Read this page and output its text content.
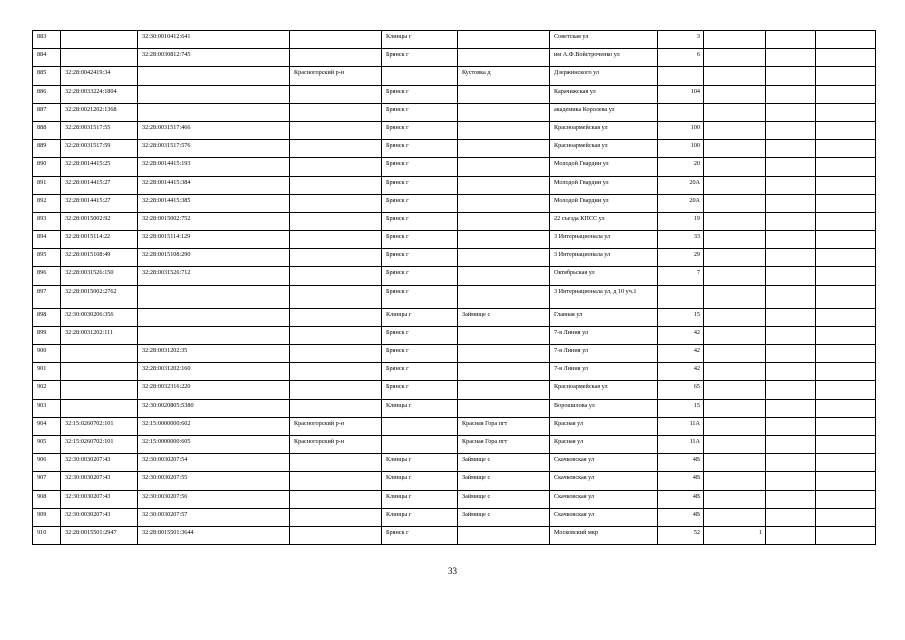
883		32:30:0010412:641		Клинцы г		Советская ул	3			
884		32:28:0030812:745		Брянск г		им А.Ф.Войстроченко ул	6			
885	32:28:0042419:34		Красногорский р-н		Кустовка д	Дзержинского ул				
886	32:28:0033224:1804			Брянск г		Карачижская ул	104			
887	32:28:0021202:1368			Брянск г		академика Королева ул				
888	32:28:0031517:55	32:28:0031517:466		Брянск г		Красноармейская ул	100			
889	32:28:0031517:59	32:28:0031517:576		Брянск г		Красноармейская ул	100			
890	32:28:0014415:25	32:28:0014415:193		Брянск г		Молодой Гвардии ул	20			
891	32:28:0014415:27	32:28:0014415:384		Брянск г		Молодой Гвардии ул	20А			
892	32:28:0014415:27	32:28:0014415:385		Брянск г		Молодой Гвардии ул	20А			
893	32:28:0015002:92	32:28:0015002:752		Брянск г		22 съезда КПСС ул	19			
894	32:28:0015114:22	32:28:0015114:129		Брянск г		3 Интернационала ул	33			
895	32:28:0015108:49	32:28:0015108:290		Брянск г		3 Интернационала ул	29			
896	32:28:0031526:150	32:28:0031526:712		Брянск г		Октябрьская ул	7			
897	32:28:0015002:2762			Брянск г		3 Интернационала ул, д 10 уч.1				
898	32:30:0030206:356			Клинцы г	Займище с	Главная ул	15			
899	32:28:0031202:111			Брянск г		7-я Линия ул	42			
900		32:28:0031202:35		Брянск г		7-я Линия ул	42			
901		32:28:0031202:160		Брянск г		7-я Линия ул	42			
902		32:28:0032316:220		Брянск г		Красноармейская ул	65			
903		32:30:0020805:5380		Клинцы г		Ворошилова ул	15			
904	32:15:0260702:101	32:15:0000000:602	Красногорский р-н		Красная Гора пгт	Красная ул	11А			
905	32:15:0260702:101	32:15:0000000:605	Красногорский р-н		Красная Гора пгт	Красная ул	11А			
906	32:30:0030207:43	32:30:0030207:54		Клинцы г	Займище с	Скачковская ул	4В			
907	32:30:0030207:43	32:30:0030207:55		Клинцы г	Займище с	Скачковская ул	4В			
908	32:30:0030207:43	32:30:0030207:56		Клинцы г	Займище с	Скачковская ул	4В			
909	32:30:0030207:43	32:30:0030207:57		Клинцы г	Займище с	Скачковская ул	4В			
910	32:28:0015501:2947	32:28:0015501:3644		Брянск г		Московский мкр	52	1		
33
